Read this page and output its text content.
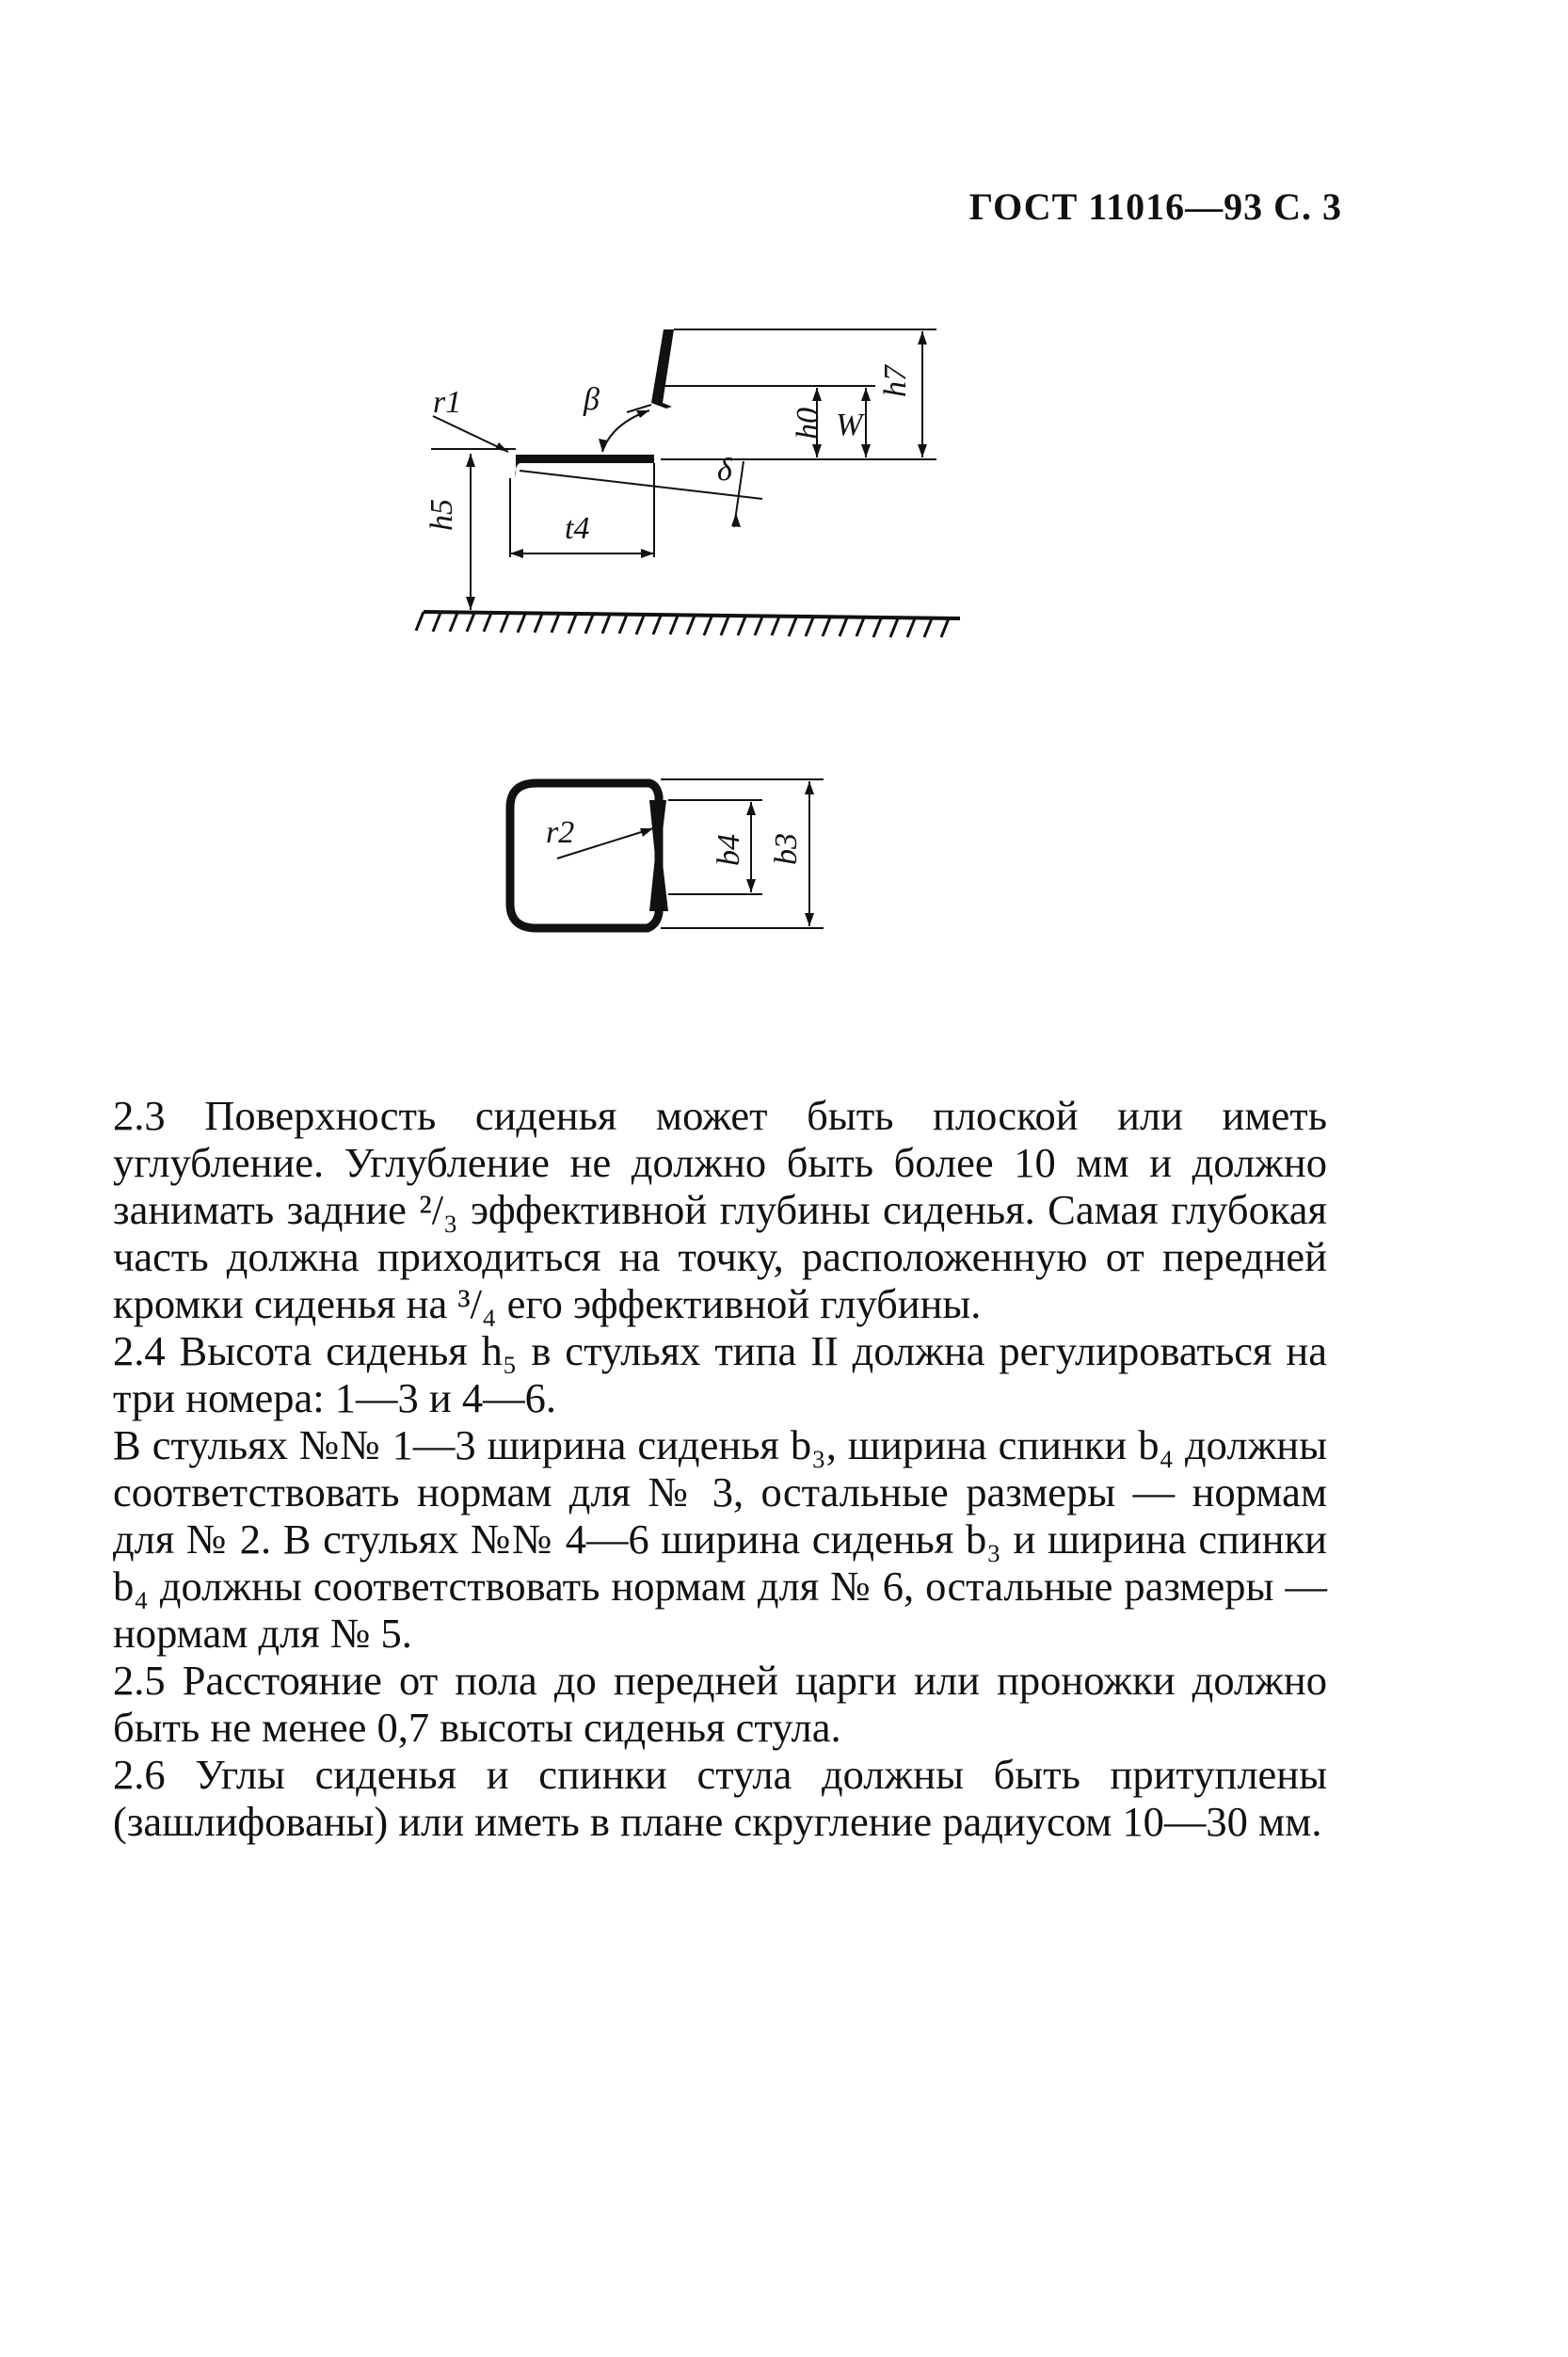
ГОСТ 11016—93 С. 3
r1	β
δ
h0 W
h7
h5	t4
r2	b4 b3

2.3 Поверхность сиденья может быть плоской или иметь углубление. Углубление не должно быть более 10 мм и должно занимать задние ²/₃ эффективной глубины сиденья. Самая глубокая часть должна приходиться на точку, расположенную от передней кромки сиденья на ³/₄ его эффективной глубины.

2.4 Высота сиденья h₅ в стульях типа II должна регулироваться на три номера: 1—3 и 4—6.

В стульях №№ 1—3 ширина сиденья b₃, ширина спинки b₄ должны соответствовать нормам для № 3, остальные размеры — нормам для № 2. В стульях №№ 4—6 ширина сиденья b₃ и ширина спинки b₄ должны соответствовать нормам для № 6, остальные размеры — нормам для № 5.

2.5 Расстояние от пола до передней царги или проножки должно быть не менее 0,7 высоты сиденья стула.

2.6 Углы сиденья и спинки стула должны быть притуплены (зашлифованы) или иметь в плане скругление радиусом 10—30 мм.
